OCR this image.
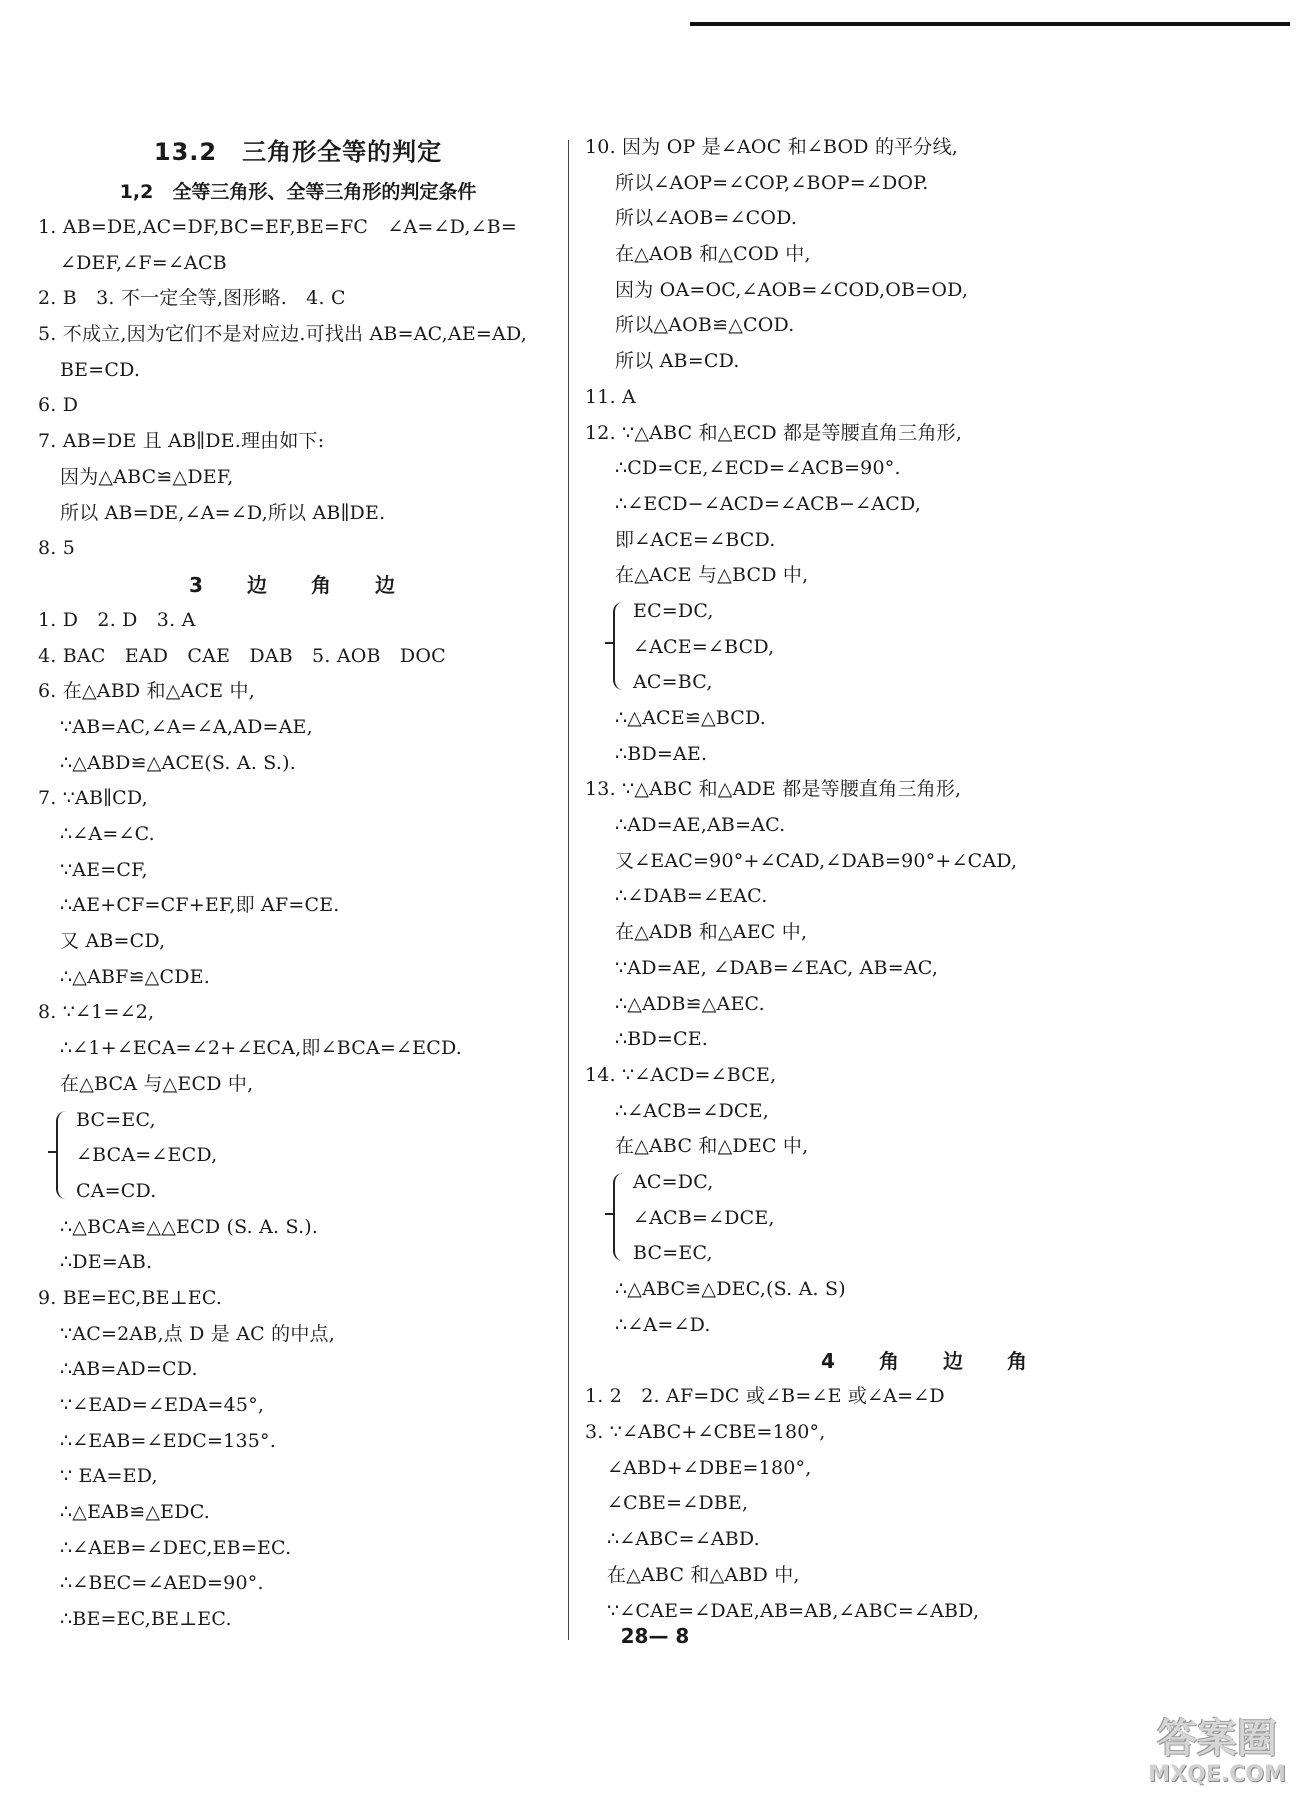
13.2　三角形全等的判定
1,2　全等三角形、全等三角形的判定条件
1. AB=DE,AC=DF,BC=EF,BE=FC　∠A=∠D,∠B=
∠DEF,∠F=∠ACB
2. B　3. 不一定全等,图形略.　4. C
5. 不成立,因为它们不是对应边.可找出 AB=AC,AE=AD,
BE=CD.
6. D
7. AB=DE 且 AB∥DE.理由如下:
因为△ABC≌△DEF,
所以 AB=DE,∠A=∠D,所以 AB∥DE.
8. 5
3　边　角　边
1. D　2. D　3. A
4. BAC　EAD　CAE　DAB　5. AOB　DOC
6. 在△ABD 和△ACE 中,
∵AB=AC,∠A=∠A,AD=AE,
∴△ABD≌△ACE(S. A. S.).
7. ∵AB∥CD,
∴∠A=∠C.
∵AE=CF,
∴AE+CF=CF+EF,即 AF=CE.
又 AB=CD,
∴△ABF≌△CDE.
8. ∵∠1=∠2,
∴∠1+∠ECA=∠2+∠ECA,即∠BCA=∠ECD.
在△BCA 与△ECD 中,
BC=EC,
∠BCA=∠ECD,
CA=CD.
∴△BCA≌△△ECD (S. A. S.).
∴DE=AB.
9. BE=EC,BE⊥EC.
∵AC=2AB,点 D 是 AC 的中点,
∴AB=AD=CD.
∵∠EAD=∠EDA=45°,
∴∠EAB=∠EDC=135°.
∵ EA=ED,
∴△EAB≌△EDC.
∴∠AEB=∠DEC,EB=EC.
∴∠BEC=∠AED=90°.
∴BE=EC,BE⊥EC.
10. 因为 OP 是∠AOC 和∠BOD 的平分线,
所以∠AOP=∠COP,∠BOP=∠DOP.
所以∠AOB=∠COD.
在△AOB 和△COD 中,
因为 OA=OC,∠AOB=∠COD,OB=OD,
所以△AOB≌△COD.
所以 AB=CD.
11. A
12. ∵△ABC 和△ECD 都是等腰直角三角形,
∴CD=CE,∠ECD=∠ACB=90°.
∴∠ECD−∠ACD=∠ACB−∠ACD,
即∠ACE=∠BCD.
在△ACE 与△BCD 中,
EC=DC,
∠ACE=∠BCD,
AC=BC,
∴△ACE≌△BCD.
∴BD=AE.
13. ∵△ABC 和△ADE 都是等腰直角三角形,
∴AD=AE,AB=AC.
又∠EAC=90°+∠CAD,∠DAB=90°+∠CAD,
∴∠DAB=∠EAC.
在△ADB 和△AEC 中,
∵AD=AE, ∠DAB=∠EAC, AB=AC,
∴△ADB≌△AEC.
∴BD=CE.
14. ∵∠ACD=∠BCE,
∴∠ACB=∠DCE,
在△ABC 和△DEC 中,
AC=DC,
∠ACB=∠DCE,
BC=EC,
∴△ABC≌△DEC,(S. A. S)
∴∠A=∠D.
4　角　边　角
1. 2　2. AF=DC 或∠B=∠E 或∠A=∠D
3. ∵∠ABC+∠CBE=180°,
∠ABD+∠DBE=180°,
∠CBE=∠DBE,
∴∠ABC=∠ABD.
在△ABC 和△ABD 中,
∵∠CAE=∠DAE,AB=AB,∠ABC=∠ABD,
28— 8
答案圈
MXQE.COM
